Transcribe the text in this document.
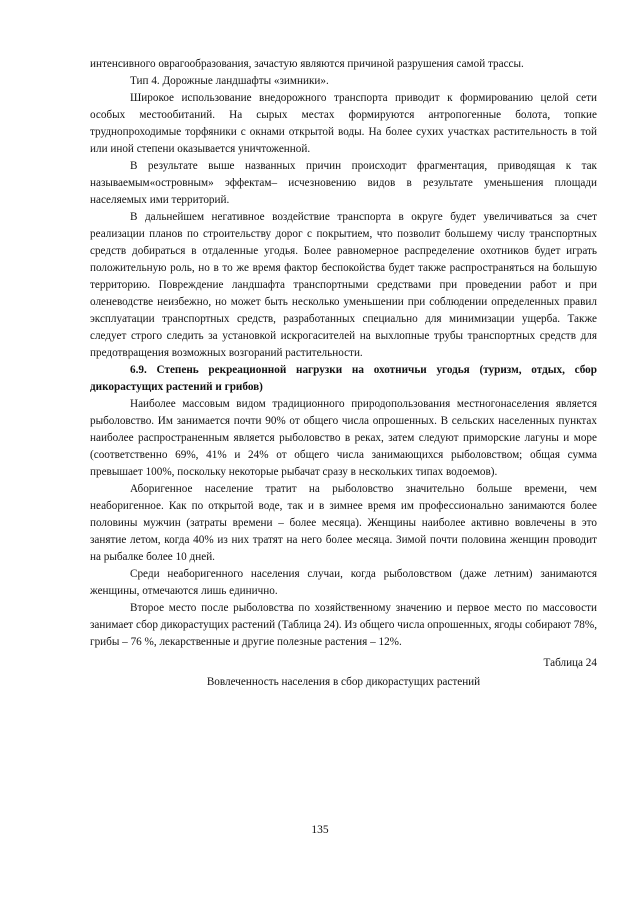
интенсивного оврагообразования, зачастую являются причиной разрушения самой трассы.

Тип 4. Дорожные ландшафты «зимники».

Широкое использование внедорожного транспорта приводит к формированию целой сети особых местообитаний. На сырых местах формируются антропогенные болота, топкие труднопроходимые торфяники с окнами открытой воды. На более сухих участках растительность в той или иной степени оказывается уничтоженной.

В результате выше названных причин происходит фрагментация, приводящая к так называемым«островным» эффектам– исчезновению видов в результате уменьшения площади населяемых ими территорий.

В дальнейшем негативное воздействие транспорта в округе будет увеличиваться за счет реализации планов по строительству дорог с покрытием, что позволит большему числу транспортных средств добираться в отдаленные угодья. Более равномерное распределение охотников будет играть положительную роль, но в то же время фактор беспокойства будет также распространяться на большую территорию. Повреждение ландшафта транспортными средствами при проведении работ и при оленеводстве неизбежно, но может быть несколько уменьшении при соблюдении определенных правил эксплуатации транспортных средств, разработанных специально для минимизации ущерба. Также следует строго следить за установкой искрогасителей на выхлопные трубы транспортных средств для предотвращения возможных возгораний растительности.

6.9. Степень рекреационной нагрузки на охотничьи угодья (туризм, отдых, сбор дикорастущих растений и грибов)

Наиболее массовым видом традиционного природопользования местногонаселения является рыболовство. Им занимается почти 90% от общего числа опрошенных. В сельских населенных пунктах наиболее распространенным является рыболовство в реках, затем следуют приморские лагуны и море (соответственно 69%, 41% и 24% от общего числа занимающихся рыболовством; общая сумма превышает 100%, поскольку некоторые рыбачат сразу в нескольких типах водоемов).

Аборигенное население тратит на рыболовство значительно больше времени, чем неаборигенное. Как по открытой воде, так и в зимнее время им профессионально занимаются более половины мужчин (затраты времени – более месяца). Женщины наиболее активно вовлечены в это занятие летом, когда 40% из них тратят на него более месяца. Зимой почти половина женщин проводит на рыбалке более 10 дней.

Среди неаборигенного населения случаи, когда рыболовством (даже летним) занимаются женщины, отмечаются лишь единично.

Второе место после рыболовства по хозяйственному значению и первое место по массовости занимает сбор дикорастущих растений (Таблица 24). Из общего числа опрошенных, ягоды собирают 78%, грибы – 76 %, лекарственные и другие полезные растения – 12%.

Таблица 24

Вовлеченность населения в сбор дикорастущих растений

135
